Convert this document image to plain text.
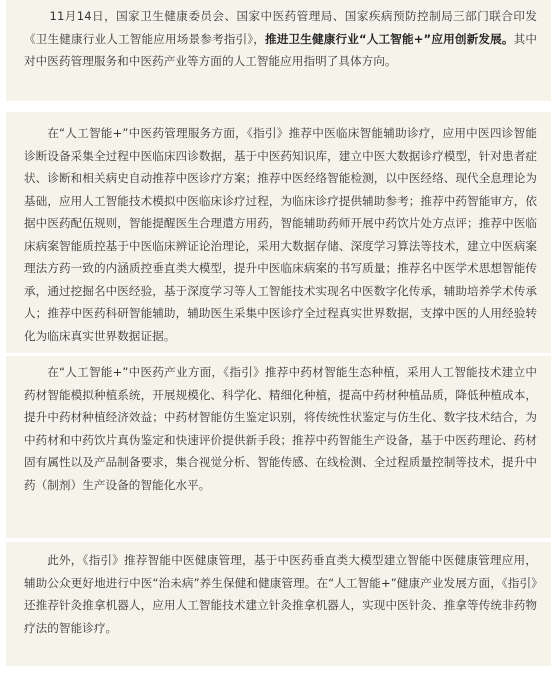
11月14日，国家卫生健康委员会、国家中医药管理局、国家疾病预防控制局三部门联合印发《卫生健康行业人工智能应用场景参考指引》，推进卫生健康行业“人工智能+”应用创新发展。其中对中医药管理服务和中医药产业等方面的人工智能应用指明了具体方向。

在“人工智能+”中医药管理服务方面，《指引》推荐中医临床智能辅助诊疗，应用中医四诊智能诊断设备采集全过程中医临床四诊数据，基于中医药知识库，建立中医大数据诊疗模型，针对患者症状、诊断和相关病史自动推荐中医诊疗方案；推荐中医经络智能检测，以中医经络、现代全息理论为基础，应用人工智能技术模拟中医临床诊疗过程，为临床诊疗提供辅助参考；推荐中药智能审方，依据中医药配伍规则，智能提醒医生合理遣方用药，智能辅助药师开展中药饮片处方点评；推荐中医临床病案智能质控基于中医临床辨证论治理论，采用大数据存储、深度学习算法等技术，建立中医病案理法方药一致的内涵质控垂直类大模型，提升中医临床病案的书写质量；推荐名中医学术思想智能传承，通过挖掘名中医经验，基于深度学习等人工智能技术实现名中医数字化传承，辅助培养学术传承人；推荐中医药科研智能辅助，辅助医生采集中医诊疗全过程真实世界数据，支撑中医的人用经验转化为临床真实世界数据证据。

在“人工智能+”中医药产业方面，《指引》推荐中药材智能生态种植，采用人工智能技术建立中药材智能模拟种植系统，开展规模化、科学化、精细化种植，提高中药材种植品质，降低种植成本，提升中药材种植经济效益；中药材智能仿生鉴定识别，将传统性状鉴定与仿生化、数字技术结合，为中药材和中药饮片真伪鉴定和快速评价提供新手段；推荐中药智能生产设备，基于中医药理论、药材固有属性以及产品制备要求，集合视觉分析、智能传感、在线检测、全过程质量控制等技术，提升中药（制剂）生产设备的智能化水平。

此外，《指引》推荐智能中医健康管理，基于中医药垂直类大模型建立智能中医健康管理应用，辅助公众更好地进行中医“治未病”养生保健和健康管理。在“人工智能+”健康产业发展方面，《指引》还推荐针灸推拿机器人，应用人工智能技术建立针灸推拿机器人，实现中医针灸、推拿等传统非药物疗法的智能诊疗。
